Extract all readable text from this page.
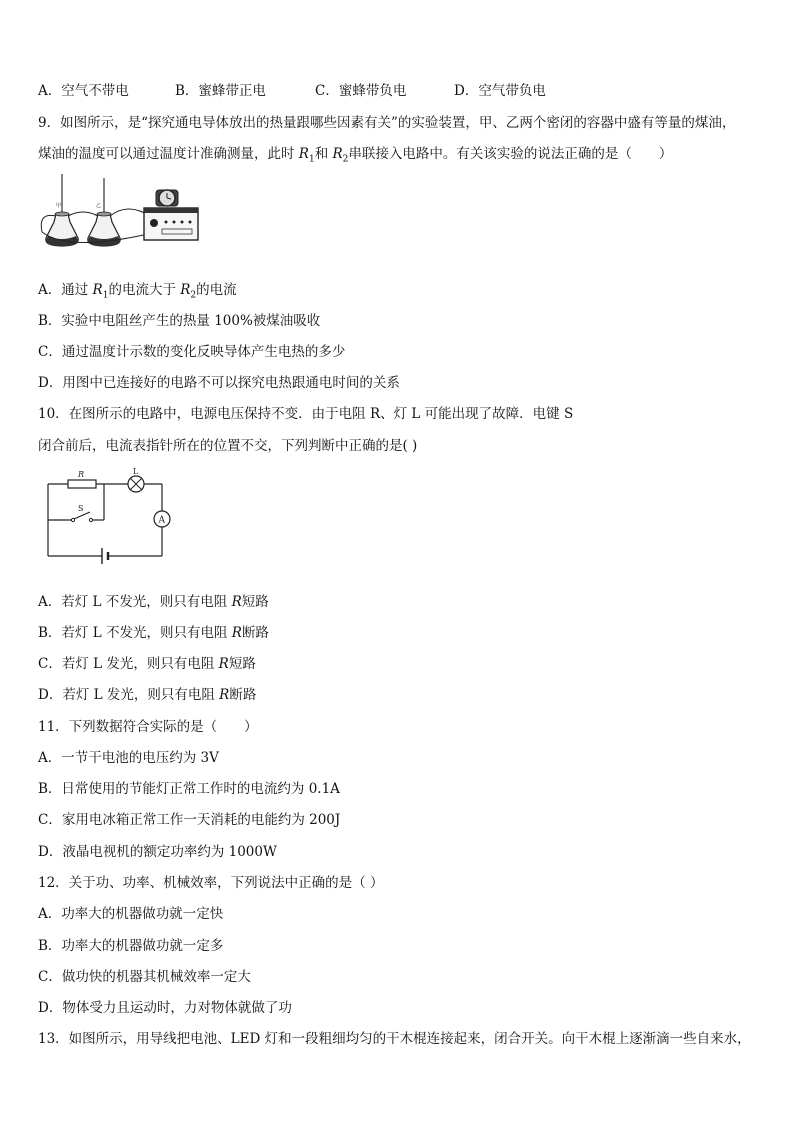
A．空气不带电	B．蜜蜂带正电	C．蜜蜂带负电	D．空气带负电
9．如图所示，是“探究通电导体放出的热量跟哪些因素有关”的实验装置，甲、乙两个密闭的容器中盛有等量的煤油，
煤油的温度可以通过温度计准确测量，此时 $R_1$和 $R_2$串联接入电路中。有关该实验的说法正确的是（　　）
甲	乙
A．通过 $R_1$的电流大于 $R_2$的电流
B．实验中电阻丝产生的热量 100%被煤油吸收
C．通过温度计示数的变化反映导体产生电热的多少
D．用图中已连接好的电路不可以探究电热跟通电时间的关系
10．在图所示的电路中，电源电压保持不变．由于电阻 R、灯 L 可能出现了故障．电键 S
闭合前后，电流表指针所在的位置不交，下列判断中正确的是( )
R	L
A
S
A．若灯 L 不发光，则只有电阻 R短路
B．若灯 L 不发光，则只有电阻 R断路
C．若灯 L 发光，则只有电阻 R短路
D．若灯 L 发光，则只有电阻 R断路
11．下列数据符合实际的是（　　）
A．一节干电池的电压约为 3V
B．日常使用的节能灯正常工作时的电流约为 0.1A
C．家用电冰箱正常工作一天消耗的电能约为 200J
D．液晶电视机的额定功率约为 1000W
12．关于功、功率、机械效率，下列说法中正确的是（ ）
A．功率大的机器做功就一定快
B．功率大的机器做功就一定多
C．做功快的机器其机械效率一定大
D．物体受力且运动时，力对物体就做了功
13．如图所示，用导线把电池、LED 灯和一段粗细均匀的干木棍连接起来，闭合开关。向干木棍上逐渐滴一些自来水，
